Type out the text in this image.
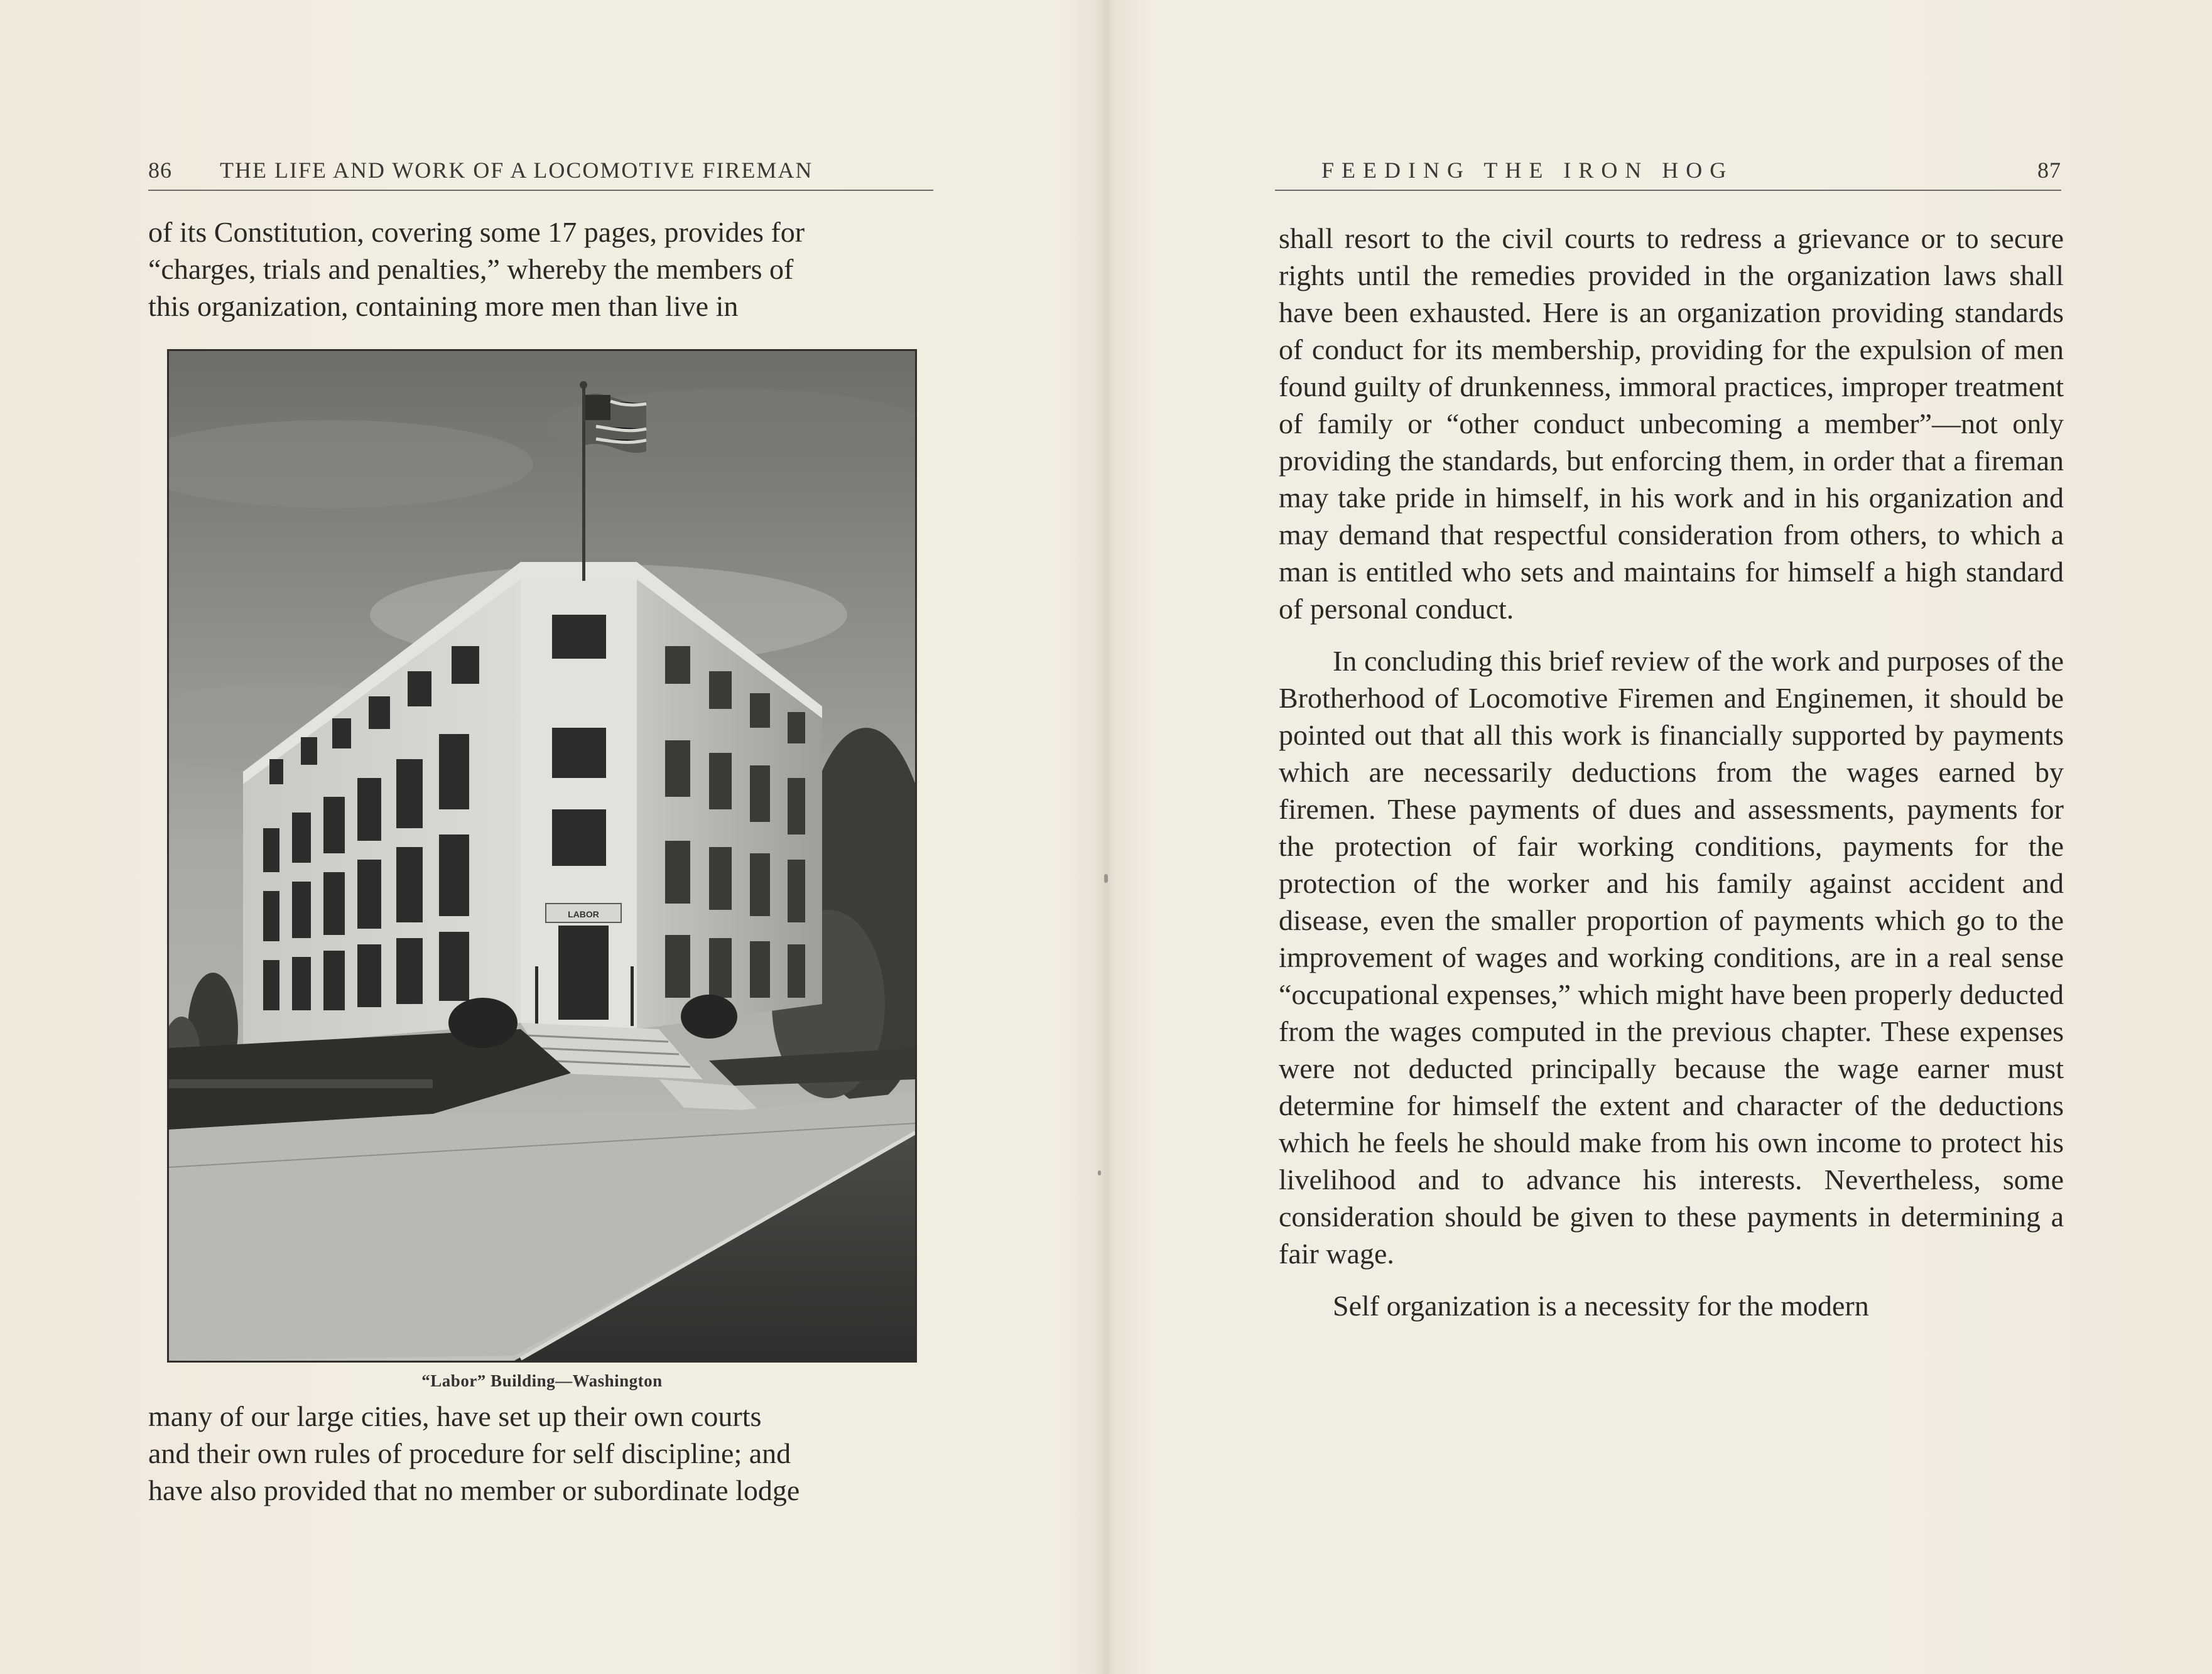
86 THE LIFE AND WORK OF A LOCOMOTIVE FIREMAN

of its Constitution, covering some 17 pages, provides for

“charges, trials and penalties,” whereby the members of

this organization, containing more men than live in

LABOR
“Labor” Building—Washington

many of our large cities, have set up their own courts

and their own rules of procedure for self discipline; and

have also provided that no member or subordinate lodge

FEEDING THE IRON HOG	87

shall resort to the civil courts to redress a grievance or to secure rights until the remedies provided in the organization laws shall have been exhausted. Here is an organization providing standards of conduct for its membership, providing for the expulsion of men found guilty of drunkenness, immoral practices, improper treatment of family or “other conduct unbecoming a member”—not only providing the standards, but enforcing them, in order that a fireman may take pride in himself, in his work and in his organization and may demand that respectful consideration from others, to which a man is entitled who sets and maintains for himself a high standard of personal conduct.

In concluding this brief review of the work and purposes of the Brotherhood of Locomotive Firemen and Enginemen, it should be pointed out that all this work is financially supported by payments which are necessarily deductions from the wages earned by firemen. These payments of dues and assessments, payments for the protection of fair working conditions, payments for the protection of the worker and his family against accident and disease, even the smaller proportion of payments which go to the improvement of wages and working conditions, are in a real sense “occupational expenses,” which might have been properly deducted from the wages computed in the previous chapter. These expenses were not deducted principally because the wage earner must determine for himself the extent and character of the deductions which he feels he should make from his own income to protect his livelihood and to advance his interests. Nevertheless, some consideration should be given to these payments in determining a fair wage.

Self organization is a necessity for the modern
